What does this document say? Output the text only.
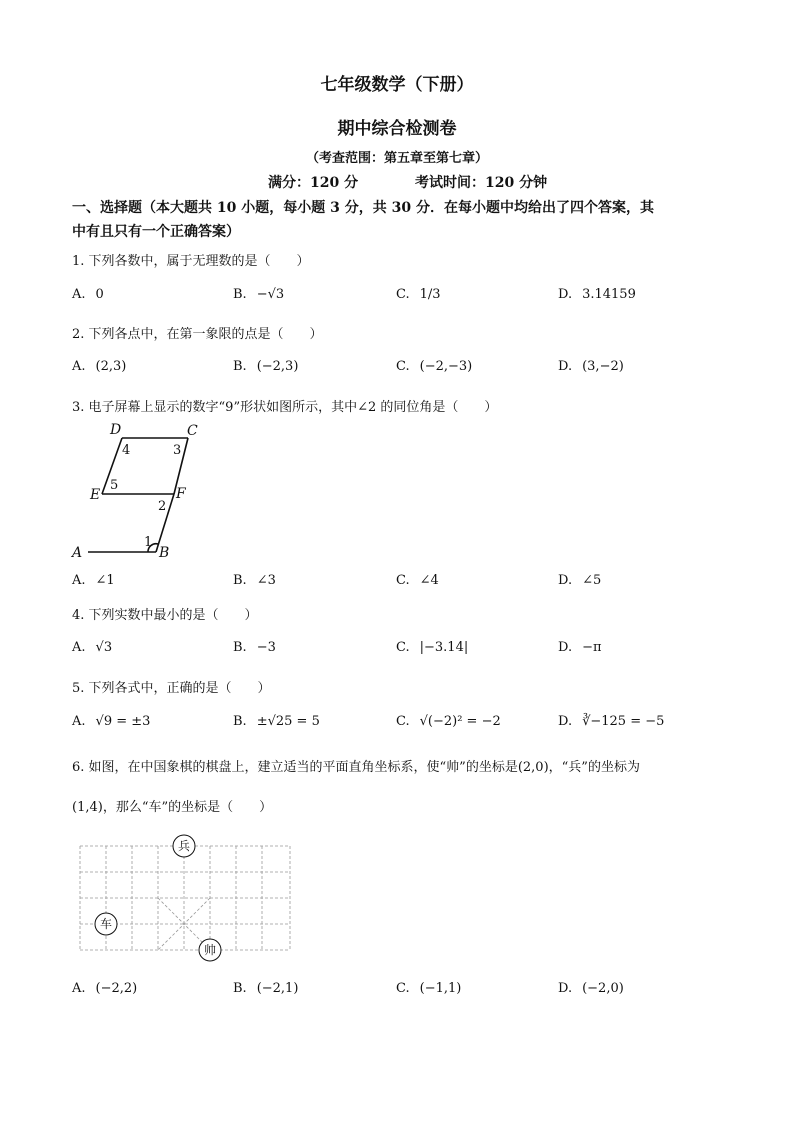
七年级数学（下册）
期中综合检测卷
（考查范围：第五章至第七章）
满分：120 分	考试时间：120 分钟
一、选择题（本大题共 10 小题，每小题 3 分，共 30 分．在每小题中均给出了四个答案，其
中有且只有一个正确答案）
1. 下列各数中，属于无理数的是（　　）
A. 0	B. −√3	C. 1/3	D. 3.14159
2. 下列各点中，在第一象限的点是（　　）
A. (2,3)	B. (−2,3)	C. (−2,−3)	D. (3,−2)
3. 电子屏幕上显示的数字“9”形状如图所示，其中∠2 的同位角是（　　）
D	C
E	F
A	B
4	3
5
2
1
A. ∠1	B. ∠3	C. ∠4	D. ∠5
4. 下列实数中最小的是（　　）
A. √3	B. −3	C. |−3.14|	D. −π
5. 下列各式中，正确的是（　　）
A. √9 = ±3	B. ±√25 = 5	C. √(−2)² = −2	D. ∛−125 = −5
6. 如图，在中国象棋的棋盘上，建立适当的平面直角坐标系，使“帅”的坐标是(2,0)，“兵”的坐标为
(1,4)，那么“车”的坐标是（　　）
兵
车
帅
A. (−2,2)	B. (−2,1)	C. (−1,1)	D. (−2,0)
